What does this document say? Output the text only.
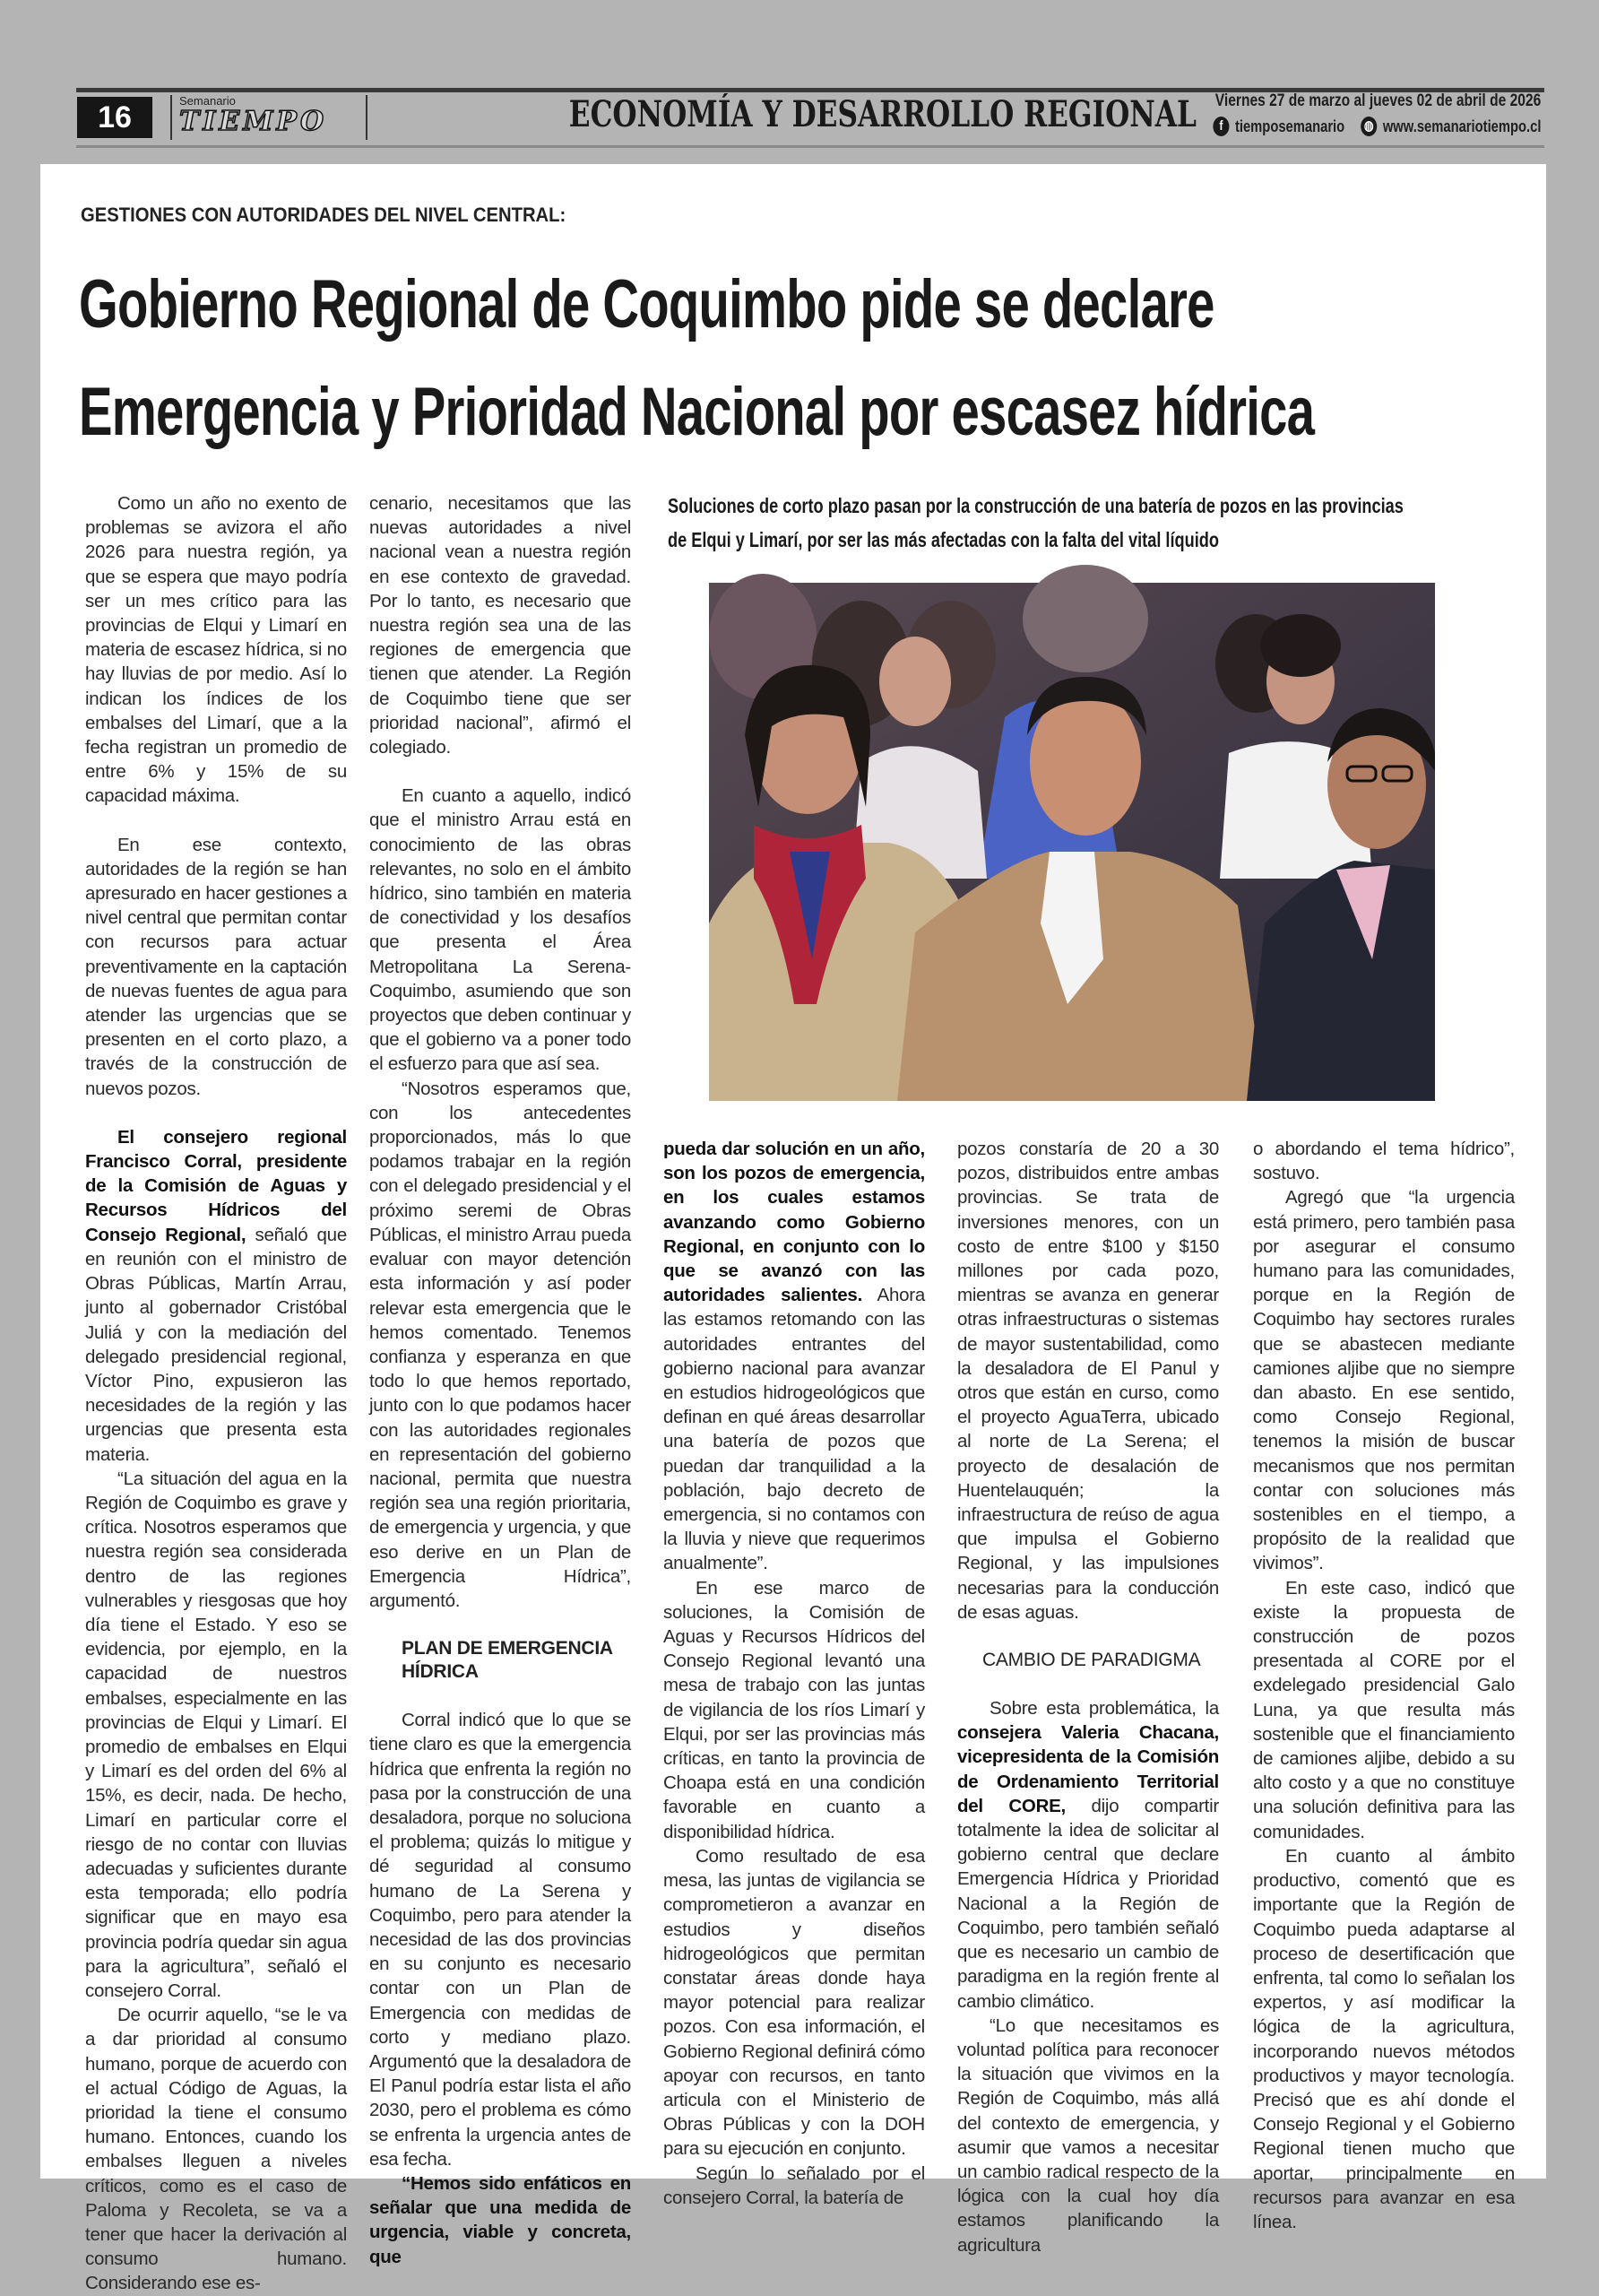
16	Semanario
TIEMPO	ECONOMÍA Y DESARROLLO REGIONAL Viernes 27 de marzo al jueves 02 de abril de 2026
f tiemposemanario ◍ www.semanariotiempo.cl
GESTIONES CON AUTORIDADES DEL NIVEL CENTRAL:
Gobierno Regional de Coquimbo pide se declare
Emergencia y Prioridad Nacional por escasez hídrica
Soluciones de corto plazo pasan por la construcción de una batería de pozos en las provincias
de Elqui y Limarí, por ser las más afectadas con la falta del vital líquido

Como un año no exento de problemas se avizora el año 2026 para nuestra región, ya que se espera que mayo podría ser un mes crítico para las provincias de Elqui y Limarí en materia de escasez hídrica, si no hay lluvias de por medio. Así lo indican los índices de los embalses del Limarí, que a la fecha registran un promedio de entre 6% y 15% de su capacidad máxima.

En ese contexto, autoridades de la región se han apresurado en hacer gestiones a nivel central que permitan contar con recursos para actuar preventivamente en la captación de nuevas fuentes de agua para atender las urgencias que se presenten en el corto plazo, a través de la construcción de nuevos pozos.

El consejero regional Francisco Corral, presidente de la Comisión de Aguas y Recursos Hídricos del Consejo Regional, señaló que en reunión con el ministro de Obras Públicas, Martín Arrau, junto al gobernador Cristóbal Juliá y con la mediación del delegado presidencial regional, Víctor Pino, expusieron las necesidades de la región y las urgencias que presenta esta materia.

“La situación del agua en la Región de Coquimbo es grave y crítica. Nosotros esperamos que nuestra región sea considerada dentro de las regiones vulnerables y riesgosas que hoy día tiene el Estado. Y eso se evidencia, por ejemplo, en la capacidad de nuestros embalses, especialmente en las provincias de Elqui y Limarí. El promedio de embalses en Elqui y Limarí es del orden del 6% al 15%, es decir, nada. De hecho, Limarí en particular corre el riesgo de no contar con lluvias adecuadas y suficientes durante esta temporada; ello podría significar que en mayo esa provincia podría quedar sin agua para la agricultura”, señaló el consejero Corral.

De ocurrir aquello, “se le va a dar prioridad al consumo humano, porque de acuerdo con el actual Código de Aguas, la prioridad la tiene el consumo humano. Entonces, cuando los embalses lleguen a niveles críticos, como es el caso de Paloma y Recoleta, se va a tener que hacer la derivación al consumo humano. Considerando ese es-

cenario, necesitamos que las nuevas autoridades a nivel nacional vean a nuestra región en ese contexto de gravedad. Por lo tanto, es necesario que nuestra región sea una de las regiones de emergencia que tienen que atender. La Región de Coquimbo tiene que ser prioridad nacional”, afirmó el colegiado.

En cuanto a aquello, indicó que el ministro Arrau está en conocimiento de las obras relevantes, no solo en el ámbito hídrico, sino también en materia de conectividad y los desafíos que presenta el Área Metropolitana La Serena-Coquimbo, asumiendo que son proyectos que deben continuar y que el gobierno va a poner todo el esfuerzo para que así sea.

“Nosotros esperamos que, con los antecedentes proporcionados, más lo que podamos trabajar en la región con el delegado presidencial y el próximo seremi de Obras Públicas, el ministro Arrau pueda evaluar con mayor detención esta información y así poder relevar esta emergencia que le hemos comentado. Tenemos confianza y esperanza en que todo lo que hemos reportado, junto con lo que podamos hacer con las autoridades regionales en representación del gobierno nacional, permita que nuestra región sea una región prioritaria, de emergencia y urgencia, y que eso derive en un Plan de Emergencia Hídrica”, argumentó.

PLAN DE EMERGENCIA HÍDRICA

Corral indicó que lo que se tiene claro es que la emergencia hídrica que enfrenta la región no pasa por la construcción de una desaladora, porque no soluciona el problema; quizás lo mitigue y dé seguridad al consumo humano de La Serena y Coquimbo, pero para atender la necesidad de las dos provincias en su conjunto es necesario contar con un Plan de Emergencia con medidas de corto y mediano plazo. Argumentó que la desaladora de El Panul podría estar lista el año 2030, pero el problema es cómo se enfrenta la urgencia antes de esa fecha.

“Hemos sido enfáticos en señalar que una medida de urgencia, viable y concreta, que

pueda dar solución en un año, son los pozos de emergencia, en los cuales estamos avanzando como Gobierno Regional, en conjunto con lo que se avanzó con las autoridades salientes. Ahora las estamos retomando con las autoridades entrantes del gobierno nacional para avanzar en estudios hidrogeológicos que definan en qué áreas desarrollar una batería de pozos que puedan dar tranquilidad a la población, bajo decreto de emergencia, si no contamos con la lluvia y nieve que requerimos anualmente”.

En ese marco de soluciones, la Comisión de Aguas y Recursos Hídricos del Consejo Regional levantó una mesa de trabajo con las juntas de vigilancia de los ríos Limarí y Elqui, por ser las provincias más críticas, en tanto la provincia de Choapa está en una condición favorable en cuanto a disponibilidad hídrica.

Como resultado de esa mesa, las juntas de vigilancia se comprometieron a avanzar en estudios y diseños hidrogeológicos que permitan constatar áreas donde haya mayor potencial para realizar pozos. Con esa información, el Gobierno Regional definirá cómo apoyar con recursos, en tanto articula con el Ministerio de Obras Públicas y con la DOH para su ejecución en conjunto.

Según lo señalado por el consejero Corral, la batería de

pozos constaría de 20 a 30 pozos, distribuidos entre ambas provincias. Se trata de inversiones menores, con un costo de entre $100 y $150 millones por cada pozo, mientras se avanza en generar otras infraestructuras o sistemas de mayor sustentabilidad, como la desaladora de El Panul y otros que están en curso, como el proyecto AguaTerra, ubicado al norte de La Serena; el proyecto de desalación de Huentelauquén; la infraestructura de reúso de agua que impulsa el Gobierno Regional, y las impulsiones necesarias para la conducción de esas aguas.

CAMBIO DE PARADIGMA

Sobre esta problemática, la consejera Valeria Chacana, vicepresidenta de la Comisión de Ordenamiento Territorial del CORE, dijo compartir totalmente la idea de solicitar al gobierno central que declare Emergencia Hídrica y Prioridad Nacional a la Región de Coquimbo, pero también señaló que es necesario un cambio de paradigma en la región frente al cambio climático.

“Lo que necesitamos es voluntad política para reconocer la situación que vivimos en la Región de Coquimbo, más allá del contexto de emergencia, y asumir que vamos a necesitar un cambio radical respecto de la lógica con la cual hoy día estamos planificando la agricultura

o abordando el tema hídrico”, sostuvo.

Agregó que “la urgencia está primero, pero también pasa por asegurar el consumo humano para las comunidades, porque en la Región de Coquimbo hay sectores rurales que se abastecen mediante camiones aljibe que no siempre dan abasto. En ese sentido, como Consejo Regional, tenemos la misión de buscar mecanismos que nos permitan contar con soluciones más sostenibles en el tiempo, a propósito de la realidad que vivimos”.

En este caso, indicó que existe la propuesta de construcción de pozos presentada al CORE por el exdelegado presidencial Galo Luna, ya que resulta más sostenible que el financiamiento de camiones aljibe, debido a su alto costo y a que no constituye una solución definitiva para las comunidades.

En cuanto al ámbito productivo, comentó que es importante que la Región de Coquimbo pueda adaptarse al proceso de desertificación que enfrenta, tal como lo señalan los expertos, y así modificar la lógica de la agricultura, incorporando nuevos métodos productivos y mayor tecnología. Precisó que es ahí donde el Consejo Regional y el Gobierno Regional tienen mucho que aportar, principalmente en recursos para avanzar en esa línea.
